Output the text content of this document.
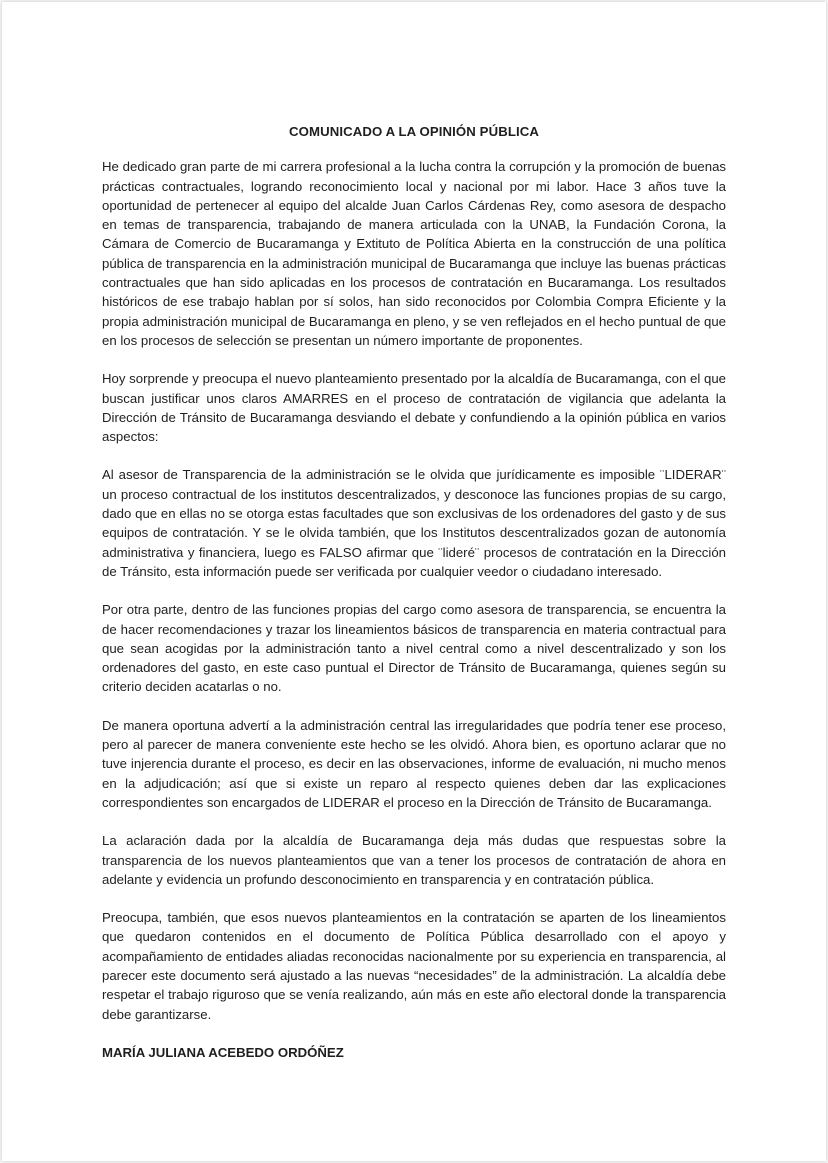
COMUNICADO A LA OPINIÓN PÚBLICA

He dedicado gran parte de mi carrera profesional a la lucha contra la corrupción y la promoción de buenas prácticas contractuales, logrando reconocimiento local y nacional por mi labor. Hace 3 años tuve la oportunidad de pertenecer al equipo del alcalde Juan Carlos Cárdenas Rey, como asesora de despacho en temas de transparencia, trabajando de manera articulada con la UNAB, la Fundación Corona, la Cámara de Comercio de Bucaramanga y Extituto de Política Abierta en la construcción de una política pública de transparencia en la administración municipal de Bucaramanga que incluye las buenas prácticas contractuales que han sido aplicadas en los procesos de contratación en Bucaramanga. Los resultados históricos de ese trabajo hablan por sí solos, han sido reconocidos por Colombia Compra Eficiente y la propia administración municipal de Bucaramanga en pleno, y se ven reflejados en el hecho puntual de que en los procesos de selección se presentan un número importante de proponentes.

Hoy sorprende y preocupa el nuevo planteamiento presentado por la alcaldía de Bucaramanga, con el que buscan justificar unos claros AMARRES en el proceso de contratación de vigilancia que adelanta la Dirección de Tránsito de Bucaramanga desviando el debate y confundiendo a la opinión pública en varios aspectos:

Al asesor de Transparencia de la administración se le olvida que jurídicamente es imposible ¨LIDERAR¨ un proceso contractual de los institutos descentralizados, y desconoce las funciones propias de su cargo, dado que en ellas no se otorga estas facultades que son exclusivas de los ordenadores del gasto y de sus equipos de contratación. Y se le olvida también, que los Institutos descentralizados gozan de autonomía administrativa y financiera, luego es FALSO afirmar que ¨lideré¨ procesos de contratación en la Dirección de Tránsito, esta información puede ser verificada por cualquier veedor o ciudadano interesado.

Por otra parte, dentro de las funciones propias del cargo como asesora de transparencia, se encuentra la de hacer recomendaciones y trazar los lineamientos básicos de transparencia en materia contractual para que sean acogidas por la administración tanto a nivel central como a nivel descentralizado y son los ordenadores del gasto, en este caso puntual el Director de Tránsito de Bucaramanga, quienes según su criterio deciden acatarlas o no.

De manera oportuna advertí a la administración central las irregularidades que podría tener ese proceso, pero al parecer de manera conveniente este hecho se les olvidó. Ahora bien, es oportuno aclarar que no tuve injerencia durante el proceso, es decir en las observaciones, informe de evaluación, ni mucho menos en la adjudicación; así que si existe un reparo al respecto quienes deben dar las explicaciones correspondientes son encargados de LIDERAR el proceso en la Dirección de Tránsito de Bucaramanga.

La aclaración dada por la alcaldía de Bucaramanga deja más dudas que respuestas sobre la transparencia de los nuevos planteamientos que van a tener los procesos de contratación de ahora en adelante y evidencia un profundo desconocimiento en transparencia y en contratación pública.

Preocupa, también, que esos nuevos planteamientos en la contratación se aparten de los lineamientos que quedaron contenidos en el documento de Política Pública desarrollado con el apoyo y acompañamiento de entidades aliadas reconocidas nacionalmente por su experiencia en transparencia, al parecer este documento será ajustado a las nuevas “necesidades” de la administración. La alcaldía debe respetar el trabajo riguroso que se venía realizando, aún más en este año electoral donde la transparencia debe garantizarse.

MARÍA JULIANA ACEBEDO ORDÓÑEZ
